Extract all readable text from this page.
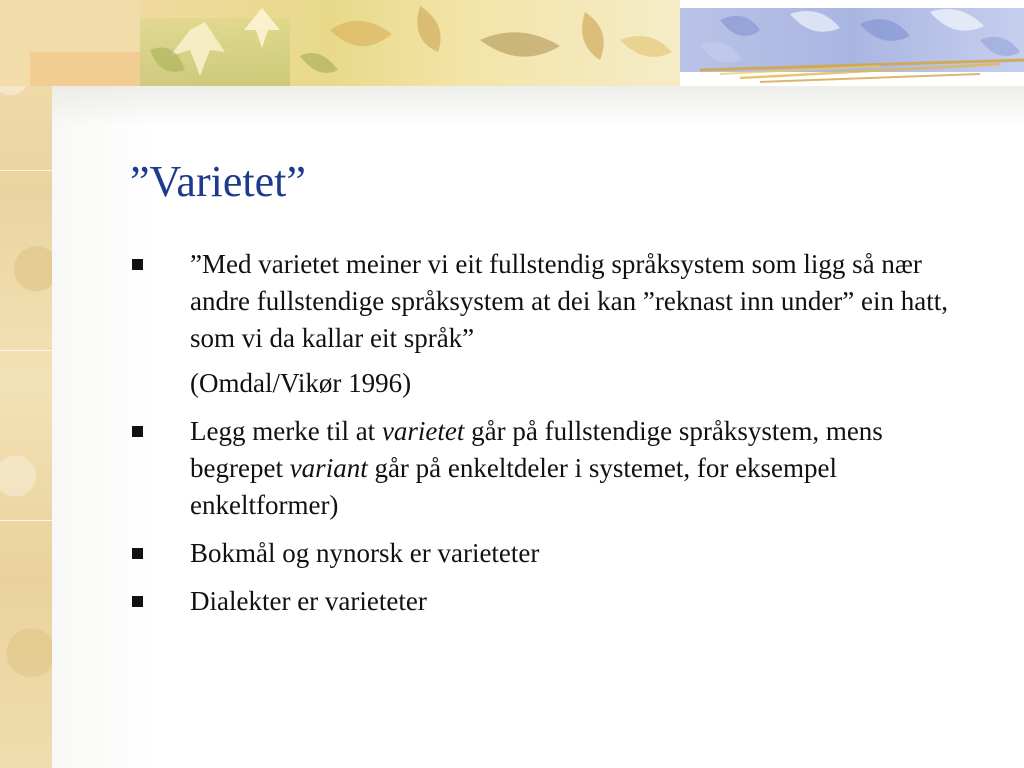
”Varietet”
”Med varietet meiner vi eit fullstendig språksystem som ligg så nær andre fullstendige språksystem at dei kan ”reknast inn under” ein hatt, som vi da kallar eit språk”
(Omdal/Vikør 1996)
Legg merke til at varietet går på fullstendige språksystem, mens begrepet variant går på enkeltdeler i systemet, for eksempel enkeltformer)
Bokmål og nynorsk er varieteter
Dialekter er varieteter
